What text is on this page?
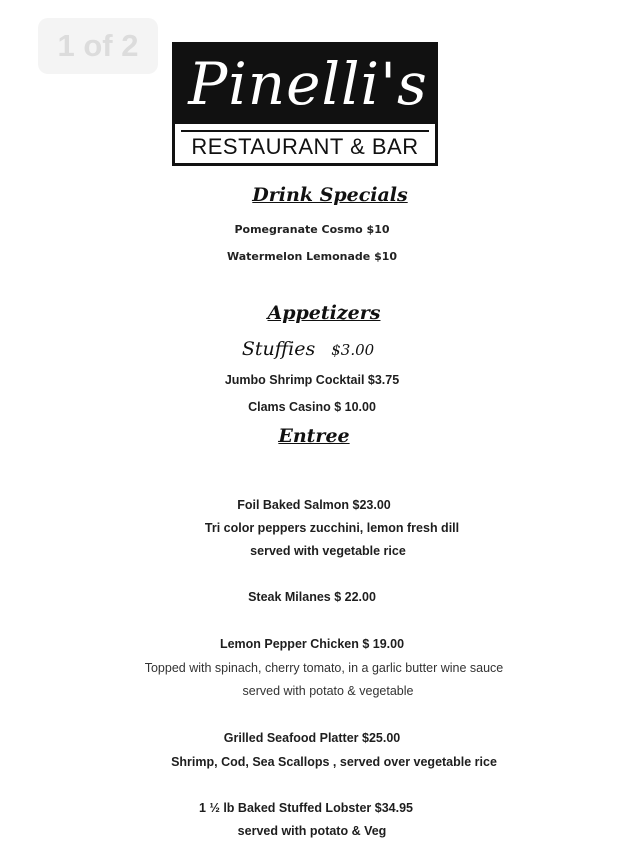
1 of 2
Pinelli's
RESTAURANT & BAR
Drink Specials
Pomegranate Cosmo $10
Watermelon Lemonade $10
Appetizers
Stuffies $3.00
Jumbo Shrimp Cocktail $3.75
Clams Casino $ 10.00
Entree
Foil Baked Salmon $23.00
Tri color peppers zucchini, lemon fresh dill
served with vegetable rice
Steak Milanes $ 22.00
Lemon Pepper Chicken $ 19.00
Topped with spinach, cherry tomato, in a garlic butter wine sauce
served with potato & vegetable
Grilled Seafood Platter $25.00
Shrimp, Cod, Sea Scallops , served over vegetable rice
1 ½ lb Baked Stuffed Lobster $34.95
served with potato & Veg
